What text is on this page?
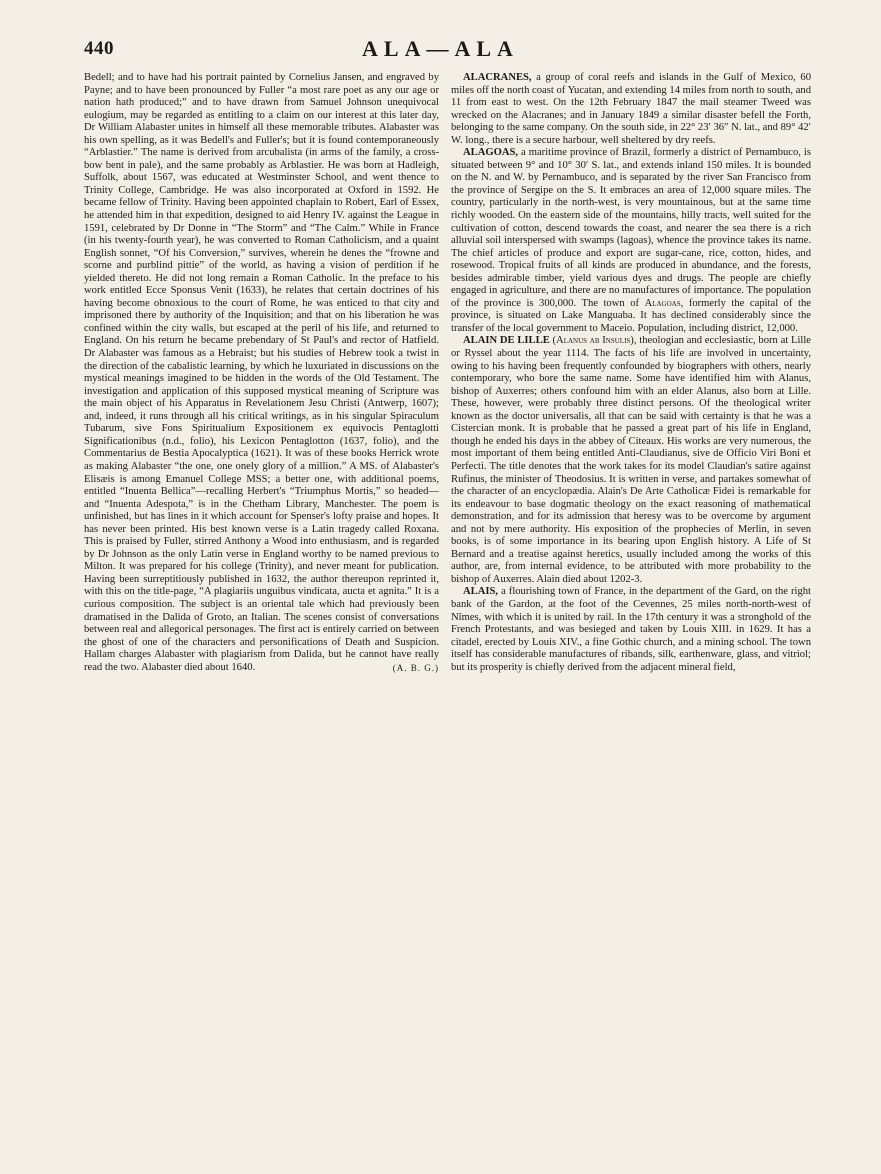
440	ALA—ALA

Bedell; and to have had his portrait painted by Cornelius Jansen, and engraved by Payne; and to have been pronounced by Fuller “a most rare poet as any our age or nation hath produced;” and to have drawn from Samuel Johnson unequivocal eulogium, may be regarded as entitling to a claim on our interest at this later day, Dr William Alabaster unites in himself all these memorable tributes. Alabaster was his own spelling, as it was Bedell's and Fuller's; but it is found contemporaneously “Arblastier.” The name is derived from arcubalista (in arms of the family, a cross-bow bent in pale), and the same probably as Arblastier. He was born at Hadleigh, Suffolk, about 1567, was educated at Westminster School, and went thence to Trinity College, Cambridge. He was also incorporated at Oxford in 1592. He became fellow of Trinity. Having been appointed chaplain to Robert, Earl of Essex, he attended him in that expedition, designed to aid Henry IV. against the League in 1591, celebrated by Dr Donne in “The Storm” and “The Calm.” While in France (in his twenty-fourth year), he was converted to Roman Catholicism, and a quaint English sonnet, “Of his Conversion,” survives, wherein he denes the “frowne and scorne and purblind pittie” of the world, as having a vision of perdition if he yielded thereto. He did not long remain a Roman Catholic. In the preface to his work entitled Ecce Sponsus Venit (1633), he relates that certain doctrines of his having become obnoxious to the court of Rome, he was enticed to that city and imprisoned there by authority of the Inquisition; and that on his liberation he was confined within the city walls, but escaped at the peril of his life, and returned to England. On his return he became prebendary of St Paul's and rector of Hatfield. Dr Alabaster was famous as a Hebraist; but his studies of Hebrew took a twist in the direction of the cabalistic learning, by which he luxuriated in discussions on the mystical meanings imagined to be hidden in the words of the Old Testament. The investigation and application of this supposed mystical meaning of Scripture was the main object of his Apparatus in Revelationem Jesu Christi (Antwerp, 1607); and, indeed, it runs through all his critical writings, as in his singular Spiraculum Tubarum, sive Fons Spiritualium Expositionem ex equivocis Pentaglotti Significationibus (n.d., folio), his Lexicon Pentaglotton (1637, folio), and the Commentarius de Bestia Apocalyptica (1621). It was of these books Herrick wrote as making Alabaster “the one, one onely glory of a million.” A MS. of Alabaster's Elisæis is among Emanuel College MSS; a better one, with additional poems, entitled “Inuenta Bellica”—recalling Herbert's “Triumphus Mortis,” so headed—and “Inuenta Adespota,” is in the Chetham Library, Manchester. The poem is unfinished, but has lines in it which account for Spenser's lofty praise and hopes. It has never been printed. His best known verse is a Latin tragedy called Roxana. This is praised by Fuller, stirred Anthony a Wood into enthusiasm, and is regarded by Dr Johnson as the only Latin verse in England worthy to be named previous to Milton. It was prepared for his college (Trinity), and never meant for publication. Having been surreptitiously published in 1632, the author thereupon reprinted it, with this on the title-page, “A plagiariis unguibus vindicata, aucta et agnita.” It is a curious composition. The subject is an oriental tale which had previously been dramatised in the Dalida of Groto, an Italian. The scenes consist of conversations between real and allegorical personages. The first act is entirely carried on between the ghost of one of the characters and personifications of Death and Suspicion. Hallam charges Alabaster with plagiarism from Dalida, but he cannot have really read the two. Alabaster died about 1640.	(A. B. G.)

ALACRANES, a group of coral reefs and islands in the Gulf of Mexico, 60 miles off the north coast of Yucatan, and extending 14 miles from north to south, and 11 from east to west. On the 12th February 1847 the mail steamer Tweed was wrecked on the Alacranes; and in January 1849 a similar disaster befell the Forth, belonging to the same company. On the south side, in 22° 23′ 36″ N. lat., and 89° 42′ W. long., there is a secure harbour, well sheltered by dry reefs.

ALAGOAS, a maritime province of Brazil, formerly a district of Pernambuco, is situated between 9° and 10° 30′ S. lat., and extends inland 150 miles. It is bounded on the N. and W. by Pernambuco, and is separated by the river San Francisco from the province of Sergipe on the S. It embraces an area of 12,000 square miles. The country, particularly in the north-west, is very mountainous, but at the same time richly wooded. On the eastern side of the mountains, hilly tracts, well suited for the cultivation of cotton, descend towards the coast, and nearer the sea there is a rich alluvial soil interspersed with swamps (lagoas), whence the province takes its name. The chief articles of produce and export are sugar-cane, rice, cotton, hides, and rosewood. Tropical fruits of all kinds are produced in abundance, and the forests, besides admirable timber, yield various dyes and drugs. The people are chiefly engaged in agriculture, and there are no manufactures of importance. The population of the province is 300,000. The town of Alagoas, formerly the capital of the province, is situated on Lake Manguaba. It has declined considerably since the transfer of the local government to Maceio. Population, including district, 12,000.

ALAIN DE LILLE (Alanus ab Insulis), theologian and ecclesiastic, born at Lille or Ryssel about the year 1114. The facts of his life are involved in uncertainty, owing to his having been frequently confounded by biographers with others, nearly contemporary, who bore the same name. Some have identified him with Alanus, bishop of Auxerres; others confound him with an elder Alanus, also born at Lille. These, however, were probably three distinct persons. Of the theological writer known as the doctor universalis, all that can be said with certainty is that he was a Cistercian monk. It is probable that he passed a great part of his life in England, though he ended his days in the abbey of Citeaux. His works are very numerous, the most important of them being entitled Anti-Claudianus, sive de Officio Viri Boni et Perfecti. The title denotes that the work takes for its model Claudian's satire against Rufinus, the minister of Theodosius. It is written in verse, and partakes somewhat of the character of an encyclopædia. Alain's De Arte Catholicæ Fidei is remarkable for its endeavour to base dogmatic theology on the exact reasoning of mathematical demonstration, and for its admission that heresy was to be overcome by argument and not by mere authority. His exposition of the prophecies of Merlin, in seven books, is of some importance in its bearing upon English history. A Life of St Bernard and a treatise against heretics, usually included among the works of this author, are, from internal evidence, to be attributed with more probability to the bishop of Auxerres. Alain died about 1202-3.

ALAIS, a flourishing town of France, in the department of the Gard, on the right bank of the Gardon, at the foot of the Cevennes, 25 miles north-north-west of Nîmes, with which it is united by rail. In the 17th century it was a stronghold of the French Protestants, and was besieged and taken by Louis XIII. in 1629. It has a citadel, erected by Louis XIV., a fine Gothic church, and a mining school. The town itself has considerable manufactures of ribands, silk, earthenware, glass, and vitriol; but its prosperity is chiefly derived from the adjacent mineral field,
